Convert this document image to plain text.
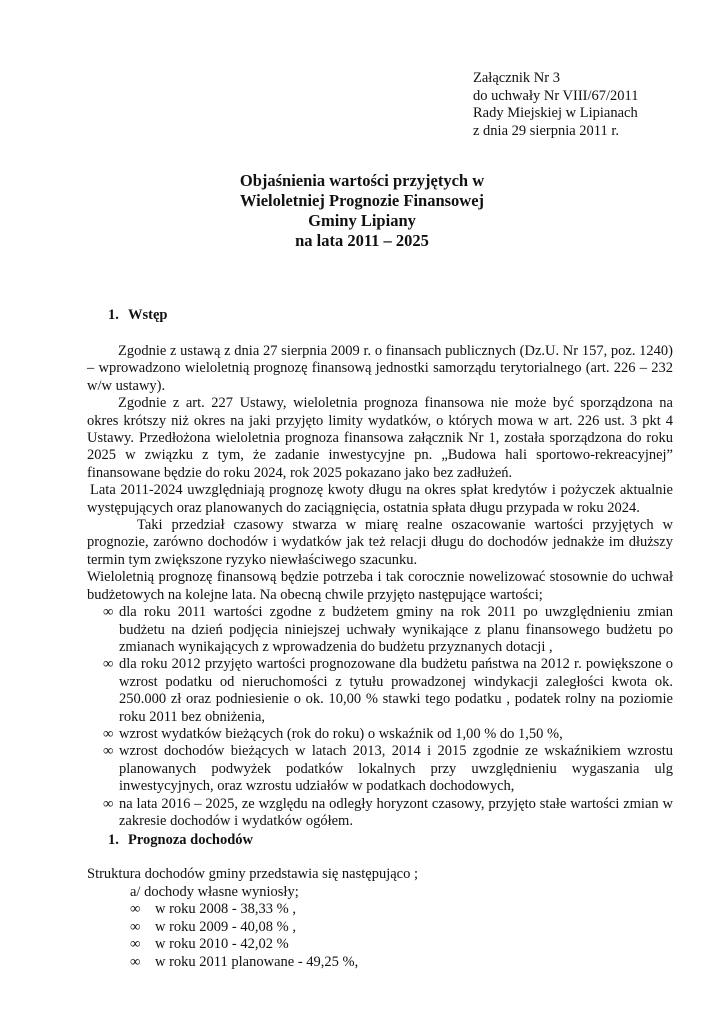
Załącznik Nr 3
do uchwały Nr VIII/67/2011
Rady Miejskiej w Lipianach
z dnia 29 sierpnia 2011 r.
Objaśnienia wartości przyjętych w
Wieloletniej Prognozie Finansowej
Gminy Lipiany
na lata 2011 – 2025
1. Wstęp

Zgodnie z ustawą z dnia 27 sierpnia 2009 r. o finansach publicznych (Dz.U. Nr 157, poz. 1240) – wprowadzono wieloletnią prognozę finansową jednostki samorządu terytorialnego (art. 226 – 232 w/w ustawy).

Zgodnie z art. 227 Ustawy, wieloletnia prognoza finansowa nie może być sporządzona na okres krótszy niż okres na jaki przyjęto limity wydatków, o których mowa w art. 226 ust. 3 pkt 4 Ustawy. Przedłożona wieloletnia prognoza finansowa załącznik Nr 1, została sporządzona do roku 2025 w związku z tym, że zadanie inwestycyjne pn. „Budowa hali sportowo-rekreacyjnej” finansowane będzie do roku 2024, rok 2025 pokazano jako bez zadłużeń.

Lata 2011-2024 uwzględniają prognozę kwoty długu na okres spłat kredytów i pożyczek aktualnie występujących oraz planowanych do zaciągnięcia, ostatnia spłata długu przypada w roku 2024.

Taki przedział czasowy stwarza w miarę realne oszacowanie wartości przyjętych w prognozie, zarówno dochodów i wydatków jak też relacji długu do dochodów jednakże im dłuższy termin tym zwiększone ryzyko niewłaściwego szacunku.

Wieloletnią prognozę finansową będzie potrzeba i tak corocznie nowelizować stosownie do uchwał budżetowych na kolejne lata. Na obecną chwile przyjęto następujące wartości;

∞ dla roku 2011 wartości zgodne z budżetem gminy na rok 2011 po uwzględnieniu zmian budżetu na dzień podjęcia niniejszej uchwały wynikające z planu finansowego budżetu po zmianach wynikających z wprowadzenia do budżetu przyznanych dotacji ,

∞ dla roku 2012 przyjęto wartości prognozowane dla budżetu państwa na 2012 r. powiększone o wzrost podatku od nieruchomości z tytułu prowadzonej windykacji zaległości kwota ok. 250.000 zł oraz podniesienie o ok. 10,00 % stawki tego podatku , podatek rolny na poziomie roku 2011 bez obniżenia,

∞ wzrost wydatków bieżących (rok do roku) o wskaźnik od 1,00 % do 1,50 %,

∞ wzrost dochodów bieżących w latach 2013, 2014 i 2015 zgodnie ze wskaźnikiem wzrostu planowanych podwyżek podatków lokalnych przy uwzględnieniu wygaszania ulg inwestycyjnych, oraz wzrostu udziałów w podatkach dochodowych,

∞ na lata 2016 – 2025, ze względu na odległy horyzont czasowy, przyjęto stałe wartości zmian w zakresie dochodów i wydatków ogółem.

1. Prognoza dochodów

Struktura dochodów gminy przedstawia się następująco ;

a/ dochody własne wyniosły;
∞ w roku 2008 - 38,33 % ,
∞ w roku 2009 - 40,08 % ,
∞ w roku 2010 - 42,02 %
∞ w roku 2011 planowane - 49,25 %,
